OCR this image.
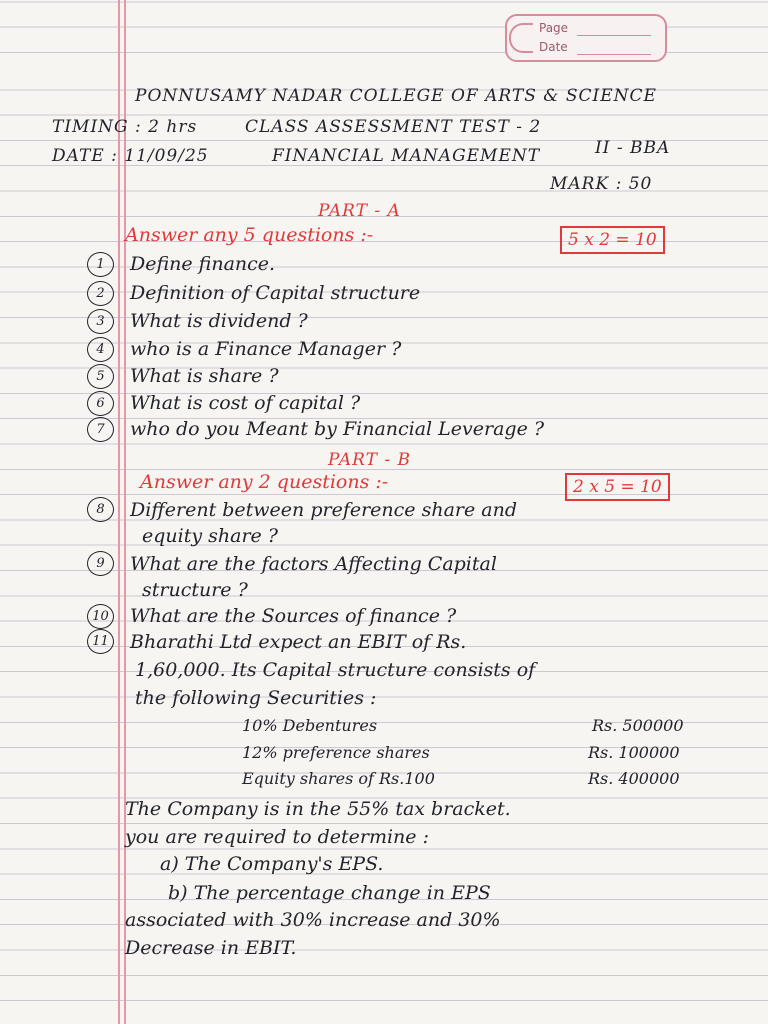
Page
Date
PONNUSAMY NADAR COLLEGE OF ARTS & SCIENCE
TIMING : 2 hrs	CLASS ASSESSMENT TEST - 2
DATE : 11/09/25	FINANCIAL MANAGEMENT	II - BBA
MARK : 50
PART - A
Answer any 5 questions :-	5 x 2 = 10
1	Define finance.
2	Definition of Capital structure
3	What is dividend ?
4	who is a Finance Manager ?
5	What is share ?
6	What is cost of capital ?
7	who do you Meant by Financial Leverage ?
PART - B
Answer any 2 questions :-	2 x 5 = 10
8	Different between preference share and
equity share ?
9	What are the factors Affecting Capital
structure ?
10 What are the Sources of finance ?
11 Bharathi Ltd expect an EBIT of Rs.
1,60,000. Its Capital structure consists of
the following Securities :
10% Debentures	Rs. 500000
12% preference shares	Rs. 100000
Equity shares of Rs.100	Rs. 400000
The Company is in the 55% tax bracket.
you are required to determine :
a) The Company's EPS.
b) The percentage change in EPS
associated with 30% increase and 30%
Decrease in EBIT.
